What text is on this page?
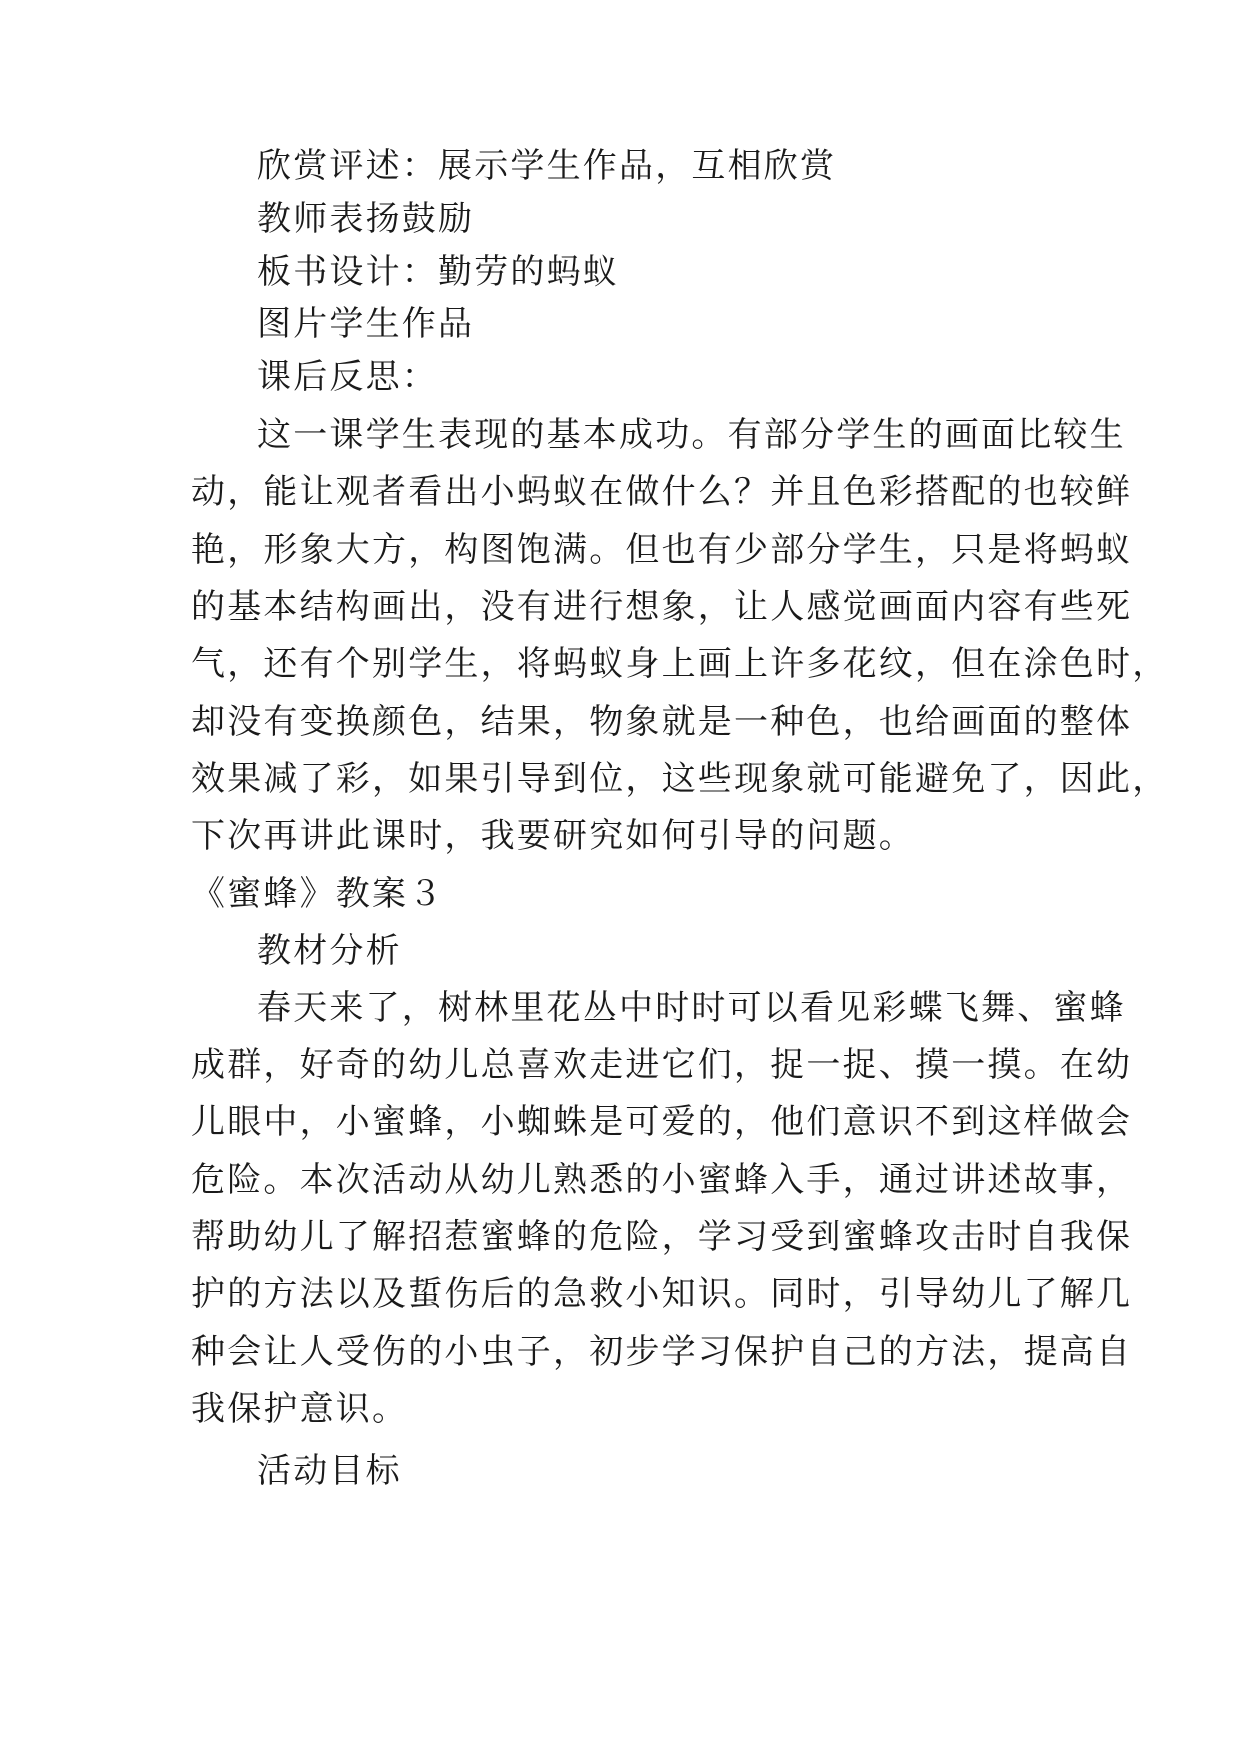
欣赏评述：展示学生作品，互相欣赏
教师表扬鼓励
板书设计：勤劳的蚂蚁
图片学生作品
课后反思：
这一课学生表现的基本成功。有部分学生的画面比较生
动，能让观者看出小蚂蚁在做什么？并且色彩搭配的也较鲜
艳，形象大方，构图饱满。但也有少部分学生，只是将蚂蚁
的基本结构画出，没有进行想象，让人感觉画面内容有些死
气，还有个别学生，将蚂蚁身上画上许多花纹，但在涂色时，
却没有变换颜色，结果，物象就是一种色，也给画面的整体
效果减了彩，如果引导到位，这些现象就可能避免了，因此，
下次再讲此课时，我要研究如何引导的问题。
《蜜蜂》教案３
教材分析
春天来了，树林里花丛中时时可以看见彩蝶飞舞、蜜蜂
成群，好奇的幼儿总喜欢走进它们，捉一捉、摸一摸。在幼
儿眼中，小蜜蜂，小蜘蛛是可爱的，他们意识不到这样做会
危险。本次活动从幼儿熟悉的小蜜蜂入手，通过讲述故事，
帮助幼儿了解招惹蜜蜂的危险，学习受到蜜蜂攻击时自我保
护的方法以及蜇伤后的急救小知识。同时，引导幼儿了解几
种会让人受伤的小虫子，初步学习保护自己的方法，提高自
我保护意识。
活动目标
